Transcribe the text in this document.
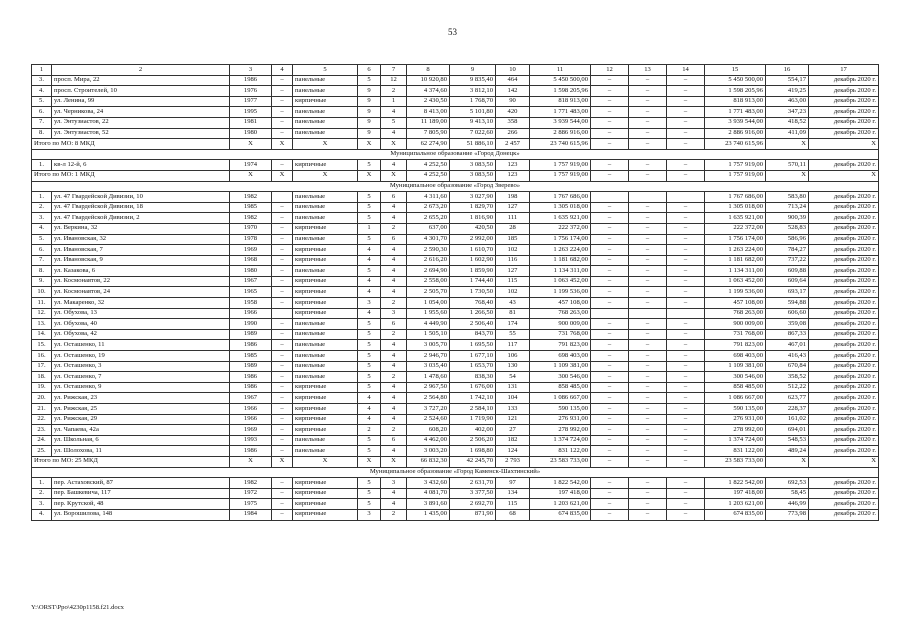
53
1	2	3	4	5	6	7	8	9	10	11	12	13	14	15	16	17
3.	просп. Мира, 22	1986	–	панельные	5	12	10 920,80	9 835,40	464	5 450 500,00	–	–	–	5 450 500,00	554,17	декабрь 2020 г.
4.	просп. Строителей, 10	1976	–	панельные	9	2	4 374,60	3 812,10	142	1 598 205,96	–	–	–	1 598 205,96	419,25	декабрь 2020 г.
5.	ул. Ленина, 99	1977	–	кирпичные	9	1	2 430,50	1 768,70	90	818 913,00	–	–	–	818 913,00	463,00	декабрь 2020 г.
6.	ул. Черникова, 24	1995	–	панельные	9	4	8 413,00	5 101,80	420	1 771 483,00	–	–	–	1 771 483,00	347,23	декабрь 2020 г.
7.	ул. Энтузиастов, 22	1981	–	панельные	9	5	11 189,00	9 413,10	358	3 939 544,00	–	–	–	3 939 544,00	418,52	декабрь 2020 г.
8.	ул. Энтузиастов, 52	1980	–	панельные	9	4	7 805,90	7 022,60	266	2 886 916,00	–	–	–	2 886 916,00	411,09	декабрь 2020 г.
Итого по МО: 8 МКД		X	X	X	X	X	62 274,90	51 886,10	2 457	23 740 615,96	–	–	–	23 740 615,96	X	X
Муниципальное образование «Город Донецк»																
1.	кв-л 12-й, 6	1974	–	кирпичные	5	4	4 252,50	3 083,50	123	1 757 919,00	–	–	–	1 757 919,00	570,11	декабрь 2020 г.
Итого по МО: 1 МКД		X	X	X	X	X	4 252,50	3 083,50	123	1 757 919,00	–	–	–	1 757 919,00	X	X
Муниципальное образование «Город Зверево»																
1.	ул. 47 Гвардейской Дивизии, 10	1982		панельные	5	6	4 311,60	3 027,90	198	1 767 686,00				1 767 686,00	583,80	декабрь 2020 г.
2.	ул. 47 Гвардейской Дивизии, 18	1985	–	панельные	5	4	2 673,20	1 829,70	127	1 305 018,00	–	–	–	1 305 018,00	713,24	декабрь 2020 г.
3.	ул. 47 Гвардейской Дивизии, 2	1982	–	панельные	5	4	2 655,20	1 816,90	111	1 635 921,00	–	–	–	1 635 921,00	900,39	декабрь 2020 г.
4.	ул. Веркина, 32	1970	–	кирпичные	1	2	637,00	420,50	28	222 372,00	–	–	–	222 372,00	528,83	декабрь 2020 г.
5.	ул. Ивановская, 32	1978	–	панельные	5	6	4 301,70	2 992,00	185	1 756 174,00	–	–	–	1 756 174,00	586,96	декабрь 2020 г.
6.	ул. Ивановская, 7	1969	–	кирпичные	4	4	2 590,30	1 610,70	102	1 263 224,00	–	–	–	1 263 224,00	784,27	декабрь 2020 г.
7.	ул. Ивановская, 9	1968	–	кирпичные	4	4	2 616,20	1 602,90	116	1 181 682,00	–	–	–	1 181 682,00	737,22	декабрь 2020 г.
8.	ул. Казакова, 6	1980	–	панельные	5	4	2 694,90	1 859,90	127	1 134 311,00	–	–	–	1 134 311,00	609,88	декабрь 2020 г.
9.	ул. Космонавтов, 22	1967	–	кирпичные	4	4	2 558,00	1 744,40	115	1 063 452,00	–	–	–	1 063 452,00	609,64	декабрь 2020 г.
10.	ул. Космонавтов, 24	1965	–	кирпичные	4	4	2 505,70	1 730,50	102	1 199 536,00	–	–	–	1 199 536,00	693,17	декабрь 2020 г.
11.	ул. Макаренко, 32	1958	–	кирпичные	3	2	1 054,00	768,40	43	457 108,00	–	–	–	457 108,00	594,88	декабрь 2020 г.
12.	ул. Обухова, 13	1966		кирпичные	4	3	1 955,60	1 266,50	81	768 263,00				768 263,00	606,60	декабрь 2020 г.
13.	ул. Обухова, 40	1990	–	панельные	5	6	4 449,90	2 506,40	174	900 009,00	–	–	–	900 009,00	359,08	декабрь 2020 г.
14.	ул. Обухова, 42	1989	–	панельные	5	2	1 505,10	843,70	55	731 768,00	–	–	–	731 768,00	867,33	декабрь 2020 г.
15.	ул. Осташенко, 11	1986	–	панельные	5	4	3 005,70	1 695,50	117	791 823,00	–	–	–	791 823,00	467,01	декабрь 2020 г.
16.	ул. Осташенко, 19	1985	–	панельные	5	4	2 946,70	1 677,10	106	698 403,00	–	–	–	698 403,00	416,43	декабрь 2020 г.
17.	ул. Осташенко, 3	1989	–	панельные	5	4	3 035,40	1 653,70	130	1 109 381,00	–	–	–	1 109 381,00	670,84	декабрь 2020 г.
18.	ул. Осташенко, 7	1986	–	панельные	5	2	1 478,60	838,30	54	300 546,00	–	–	–	300 546,00	358,52	декабрь 2020 г.
19.	ул. Осташенко, 9	1986	–	кирпичные	5	4	2 967,50	1 676,00	131	858 485,00	–	–	–	858 485,00	512,22	декабрь 2020 г.
20.	ул. Рижская, 23	1967	–	кирпичные	4	4	2 564,80	1 742,10	104	1 086 667,00	–	–	–	1 086 667,00	623,77	декабрь 2020 г.
21.	ул. Рижская, 25	1966	–	кирпичные	4	4	3 727,20	2 584,10	133	590 135,00	–	–	–	590 135,00	228,37	декабрь 2020 г.
22.	ул. Рижская, 29	1966	–	кирпичные	4	4	2 524,60	1 719,90	121	276 931,00	–	–	–	276 931,00	161,02	декабрь 2020 г.
23.	ул. Чапаева, 42а	1969	–	кирпичные	2	2	608,20	402,00	27	278 992,00	–	–	–	278 992,00	694,01	декабрь 2020 г.
24.	ул. Школьная, 6	1993	–	панельные	5	6	4 462,00	2 506,20	182	1 374 724,00	–	–	–	1 374 724,00	548,53	декабрь 2020 г.
25.	ул. Шолохова, 11	1986	–	панельные	5	4	3 003,20	1 698,80	124	831 122,00	–	–	–	831 122,00	489,24	декабрь 2020 г.
Итого по МО: 25 МКД		X	X	X	X	X	66 832,30	42 245,70	2 793	23 583 733,00	–	–	–	23 583 733,00	X	X
Муниципальное образование «Город Каменск-Шахтинский»																
1.	пер. Астаховский, 87	1982	–	кирпичные	5	3	3 432,60	2 631,70	97	1 822 542,00	–	–	–	1 822 542,00	692,53	декабрь 2020 г.
2.	пер. Башкевича, 117	1972	–	кирпичные	5	4	4 081,70	3 377,50	134	197 418,00	–	–	–	197 418,00	58,45	декабрь 2020 г.
3.	пер. Крутской, 48	1975	–	кирпичные	5	4	3 891,60	2 692,70	115	1 203 621,00	–	–	–	1 203 621,00	446,99	декабрь 2020 г.
4.	ул. Ворошилова, 148	1984	–	кирпичные	3	2	1 435,00	871,90	68	674 835,00	–	–	–	674 835,00	773,98	декабрь 2020 г.
Y:\ORST\Ppo\4230p1158.f21.docx
